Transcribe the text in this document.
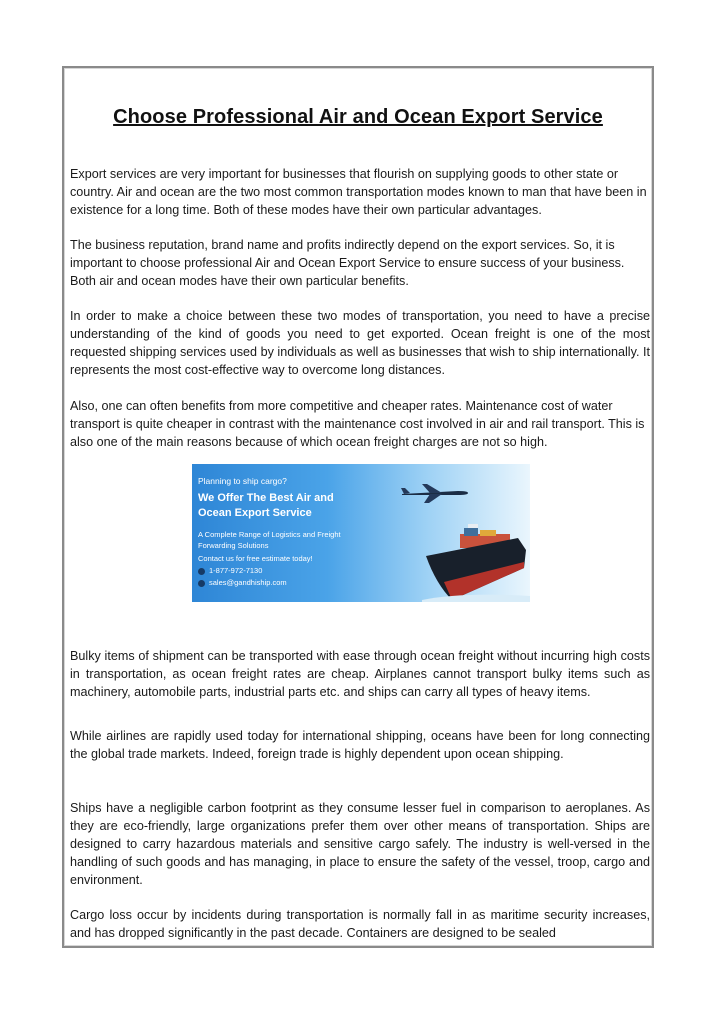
Choose Professional Air and Ocean Export Service

Export services are very important for businesses that flourish on supplying goods to other state or country. Air and ocean are the two most common transportation modes known to man that have been in existence for a long time. Both of these modes have their own particular advantages.

The business reputation, brand name and profits indirectly depend on the export services. So, it is important to choose professional Air and Ocean Export Service to ensure success of your business. Both air and ocean modes have their own particular benefits.

In order to make a choice between these two modes of transportation, you need to have a precise understanding of the kind of goods you need to get exported. Ocean freight is one of the most requested shipping services used by individuals as well as businesses that wish to ship internationally. It represents the most cost-effective way to overcome long distances.

Also, one can often benefits from more competitive and cheaper rates. Maintenance cost of water transport is quite cheaper in contrast with the maintenance cost involved in air and rail transport. This is also one of the main reasons because of which ocean freight charges are not so high.

Planning to ship cargo?
We Offer The Best Air and
Ocean Export Service
A Complete Range of Logistics and Freight
Forwarding Solutions
Contact us for free estimate today!
1-877-972-7130
sales@gandhiship.com

Bulky items of shipment can be transported with ease through ocean freight without incurring high costs in transportation, as ocean freight rates are cheap. Airplanes cannot transport bulky items such as machinery, automobile parts, industrial parts etc. and ships can carry all types of heavy items.

While airlines are rapidly used today for international shipping, oceans have been for long connecting the global trade markets. Indeed, foreign trade is highly dependent upon ocean shipping.

Ships have a negligible carbon footprint as they consume lesser fuel in comparison to aeroplanes. As they are eco-friendly, large organizations prefer them over other means of transportation. Ships are designed to carry hazardous materials and sensitive cargo safely. The industry is well-versed in the handling of such goods and has managing, in place to ensure the safety of the vessel, troop, cargo and environment.

Cargo loss occur by incidents during transportation is normally fall in as maritime security increases, and has dropped significantly in the past decade. Containers are designed to be sealed
